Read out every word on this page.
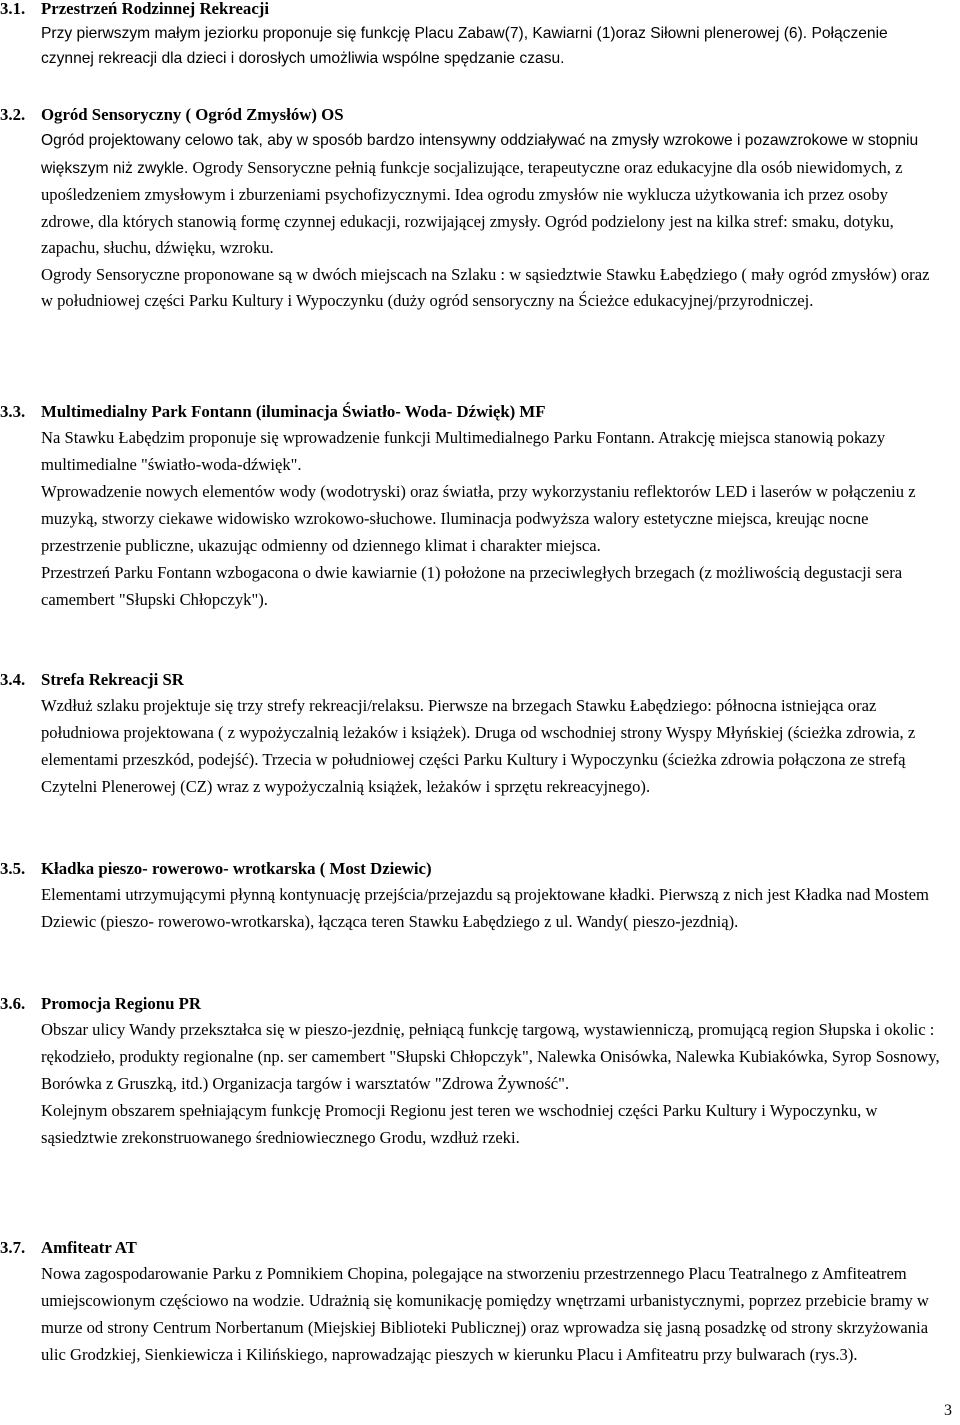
3.1. Przestrzeń Rodzinnej Rekreacji

Przy pierwszym małym jeziorku proponuje się funkcję Placu Zabaw(7), Kawiarni (1)oraz Siłowni plenerowej (6). Połączenie czynnej rekreacji dla dzieci i dorosłych umożliwia wspólne spędzanie czasu.

3.2. Ogród Sensoryczny ( Ogród Zmysłów) OS

Ogród projektowany celowo tak, aby w sposób bardzo intensywny oddziaływać na zmysły wzrokowe i pozawzrokowe w stopniu większym niż zwykle. Ogrody Sensoryczne pełnią funkcje socjalizujące, terapeutyczne oraz edukacyjne dla osób niewidomych, z upośledzeniem zmysłowym i zburzeniami psychofizycznymi. Idea ogrodu zmysłów nie wyklucza użytkowania ich przez osoby zdrowe, dla których stanowią formę czynnej edukacji, rozwijającej zmysły. Ogród podzielony jest na kilka stref: smaku, dotyku, zapachu, słuchu, dźwięku, wzroku.

Ogrody Sensoryczne proponowane są w dwóch miejscach na Szlaku : w sąsiedztwie Stawku Łabędziego ( mały ogród zmysłów) oraz w południowej części Parku Kultury i Wypoczynku (duży ogród sensoryczny na Ścieżce edukacyjnej/przyrodniczej.

3.3. Multimedialny Park Fontann (iluminacja Światło- Woda- Dźwięk) MF

Na Stawku Łabędzim proponuje się wprowadzenie funkcji Multimedialnego Parku Fontann. Atrakcję miejsca stanowią pokazy multimedialne "światło-woda-dźwięk".

Wprowadzenie nowych elementów wody (wodotryski) oraz światła, przy wykorzystaniu reflektorów LED i laserów w połączeniu z muzyką, stworzy ciekawe widowisko wzrokowo-słuchowe. Iluminacja podwyższa walory estetyczne miejsca, kreując nocne przestrzenie publiczne, ukazując odmienny od dziennego klimat i charakter miejsca.

Przestrzeń Parku Fontann wzbogacona o dwie kawiarnie (1) położone na przeciwległych brzegach (z możliwością degustacji sera camembert "Słupski Chłopczyk").

3.4. Strefa Rekreacji SR

Wzdłuż szlaku projektuje się trzy strefy rekreacji/relaksu. Pierwsze na brzegach Stawku Łabędziego: północna istniejąca oraz południowa projektowana ( z wypożyczalnią leżaków i książek). Druga od wschodniej strony Wyspy Młyńskiej (ścieżka zdrowia, z elementami przeszkód, podejść). Trzecia w południowej części Parku Kultury i Wypoczynku (ścieżka zdrowia połączona ze strefą Czytelni Plenerowej (CZ) wraz z wypożyczalnią książek, leżaków i sprzętu rekreacyjnego).

3.5. Kładka pieszo- rowerowo- wrotkarska ( Most Dziewic)

Elementami utrzymującymi płynną kontynuację przejścia/przejazdu są projektowane kładki. Pierwszą z nich jest Kładka nad Mostem Dziewic (pieszo- rowerowo-wrotkarska), łącząca teren Stawku Łabędziego z ul. Wandy( pieszo-jezdnią).

3.6. Promocja Regionu PR

Obszar ulicy Wandy przekształca się w pieszo-jezdnię, pełniącą funkcję targową, wystawienniczą, promującą region Słupska i okolic : rękodzieło, produkty regionalne (np. ser camembert "Słupski Chłopczyk", Nalewka Onisówka, Nalewka Kubiakówka, Syrop Sosnowy, Borówka z Gruszką, itd.) Organizacja targów i warsztatów "Zdrowa Żywność".

Kolejnym obszarem spełniającym funkcję Promocji Regionu jest teren we wschodniej części Parku Kultury i Wypoczynku, w sąsiedztwie zrekonstruowanego średniowiecznego Grodu, wzdłuż rzeki.

3.7. Amfiteatr AT

Nowa zagospodarowanie Parku z Pomnikiem Chopina, polegające na stworzeniu przestrzennego Placu Teatralnego z Amfiteatrem umiejscowionym częściowo na wodzie. Udrażnią się komunikację pomiędzy wnętrzami urbanistycznymi, poprzez przebicie bramy w murze od strony Centrum Norbertanum (Miejskiej Biblioteki Publicznej) oraz wprowadza się jasną posadzkę od strony skrzyżowania ulic Grodzkiej, Sienkiewicza i Kilińskiego, naprowadzając pieszych w kierunku Placu i Amfiteatru przy bulwarach (rys.3).

3
